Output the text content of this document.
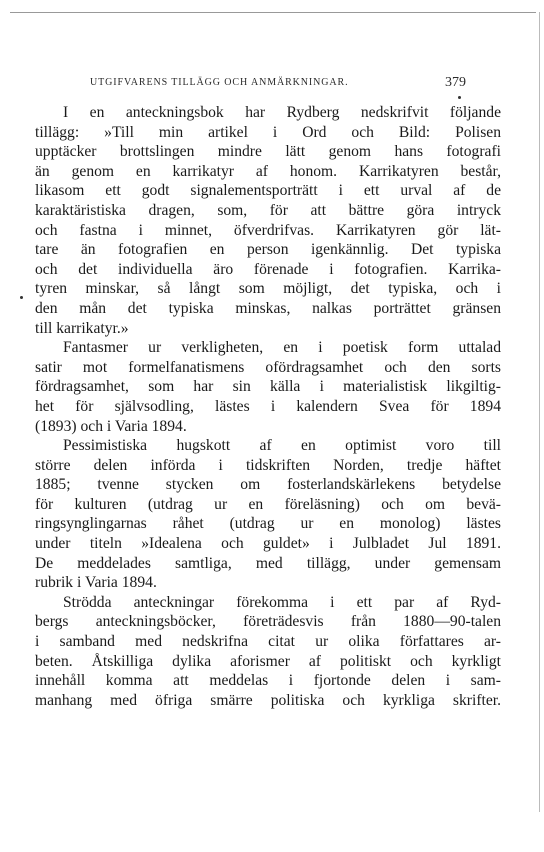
UTGIFVARENS TILLÄGG OCH ANMÄRKNINGAR.	379
I en anteckningsbok har Rydberg nedskrifvit följande
tillägg: »Till min artikel i Ord och Bild: Polisen
upptäcker brottslingen mindre lätt genom hans fotografi
än genom en karrikatyr af honom. Karrikatyren består,
likasom ett godt signalementsporträtt i ett urval af de
karaktäristiska dragen, som, för att bättre göra intryck
och fastna i minnet, öfverdrifvas. Karrikatyren gör lät-
tare än fotografien en person igenkännlig. Det typiska
och det individuella äro förenade i fotografien. Karrika-
tyren minskar, så långt som möjligt, det typiska, och i
den mån det typiska minskas, nalkas porträttet gränsen
till karrikatyr.»
Fantasmer ur verkligheten, en i poetisk form uttalad
satir mot formelfanatismens ofördragsamhet och den sorts
fördragsamhet, som har sin källa i materialistisk likgiltig-
het för självsodling, lästes i kalendern Svea för 1894
(1893) och i Varia 1894.
Pessimistiska hugskott af en optimist voro till
större delen införda i tidskriften Norden, tredje häftet
1885; tvenne stycken om fosterlandskärlekens betydelse
för kulturen (utdrag ur en föreläsning) och om bevä-
ringsynglingarnas råhet (utdrag ur en monolog) lästes
under titeln »Idealena och guldet» i Julbladet Jul 1891.
De meddelades samtliga, med tillägg, under gemensam
rubrik i Varia 1894.
Strödda anteckningar förekomma i ett par af Ryd-
bergs anteckningsböcker, företrädesvis från 1880—90-talen
i samband med nedskrifna citat ur olika författares ar-
beten. Åtskilliga dylika aforismer af politiskt och kyrkligt
innehåll komma att meddelas i fjortonde delen i sam-
manhang med öfriga smärre politiska och kyrkliga skrifter.
